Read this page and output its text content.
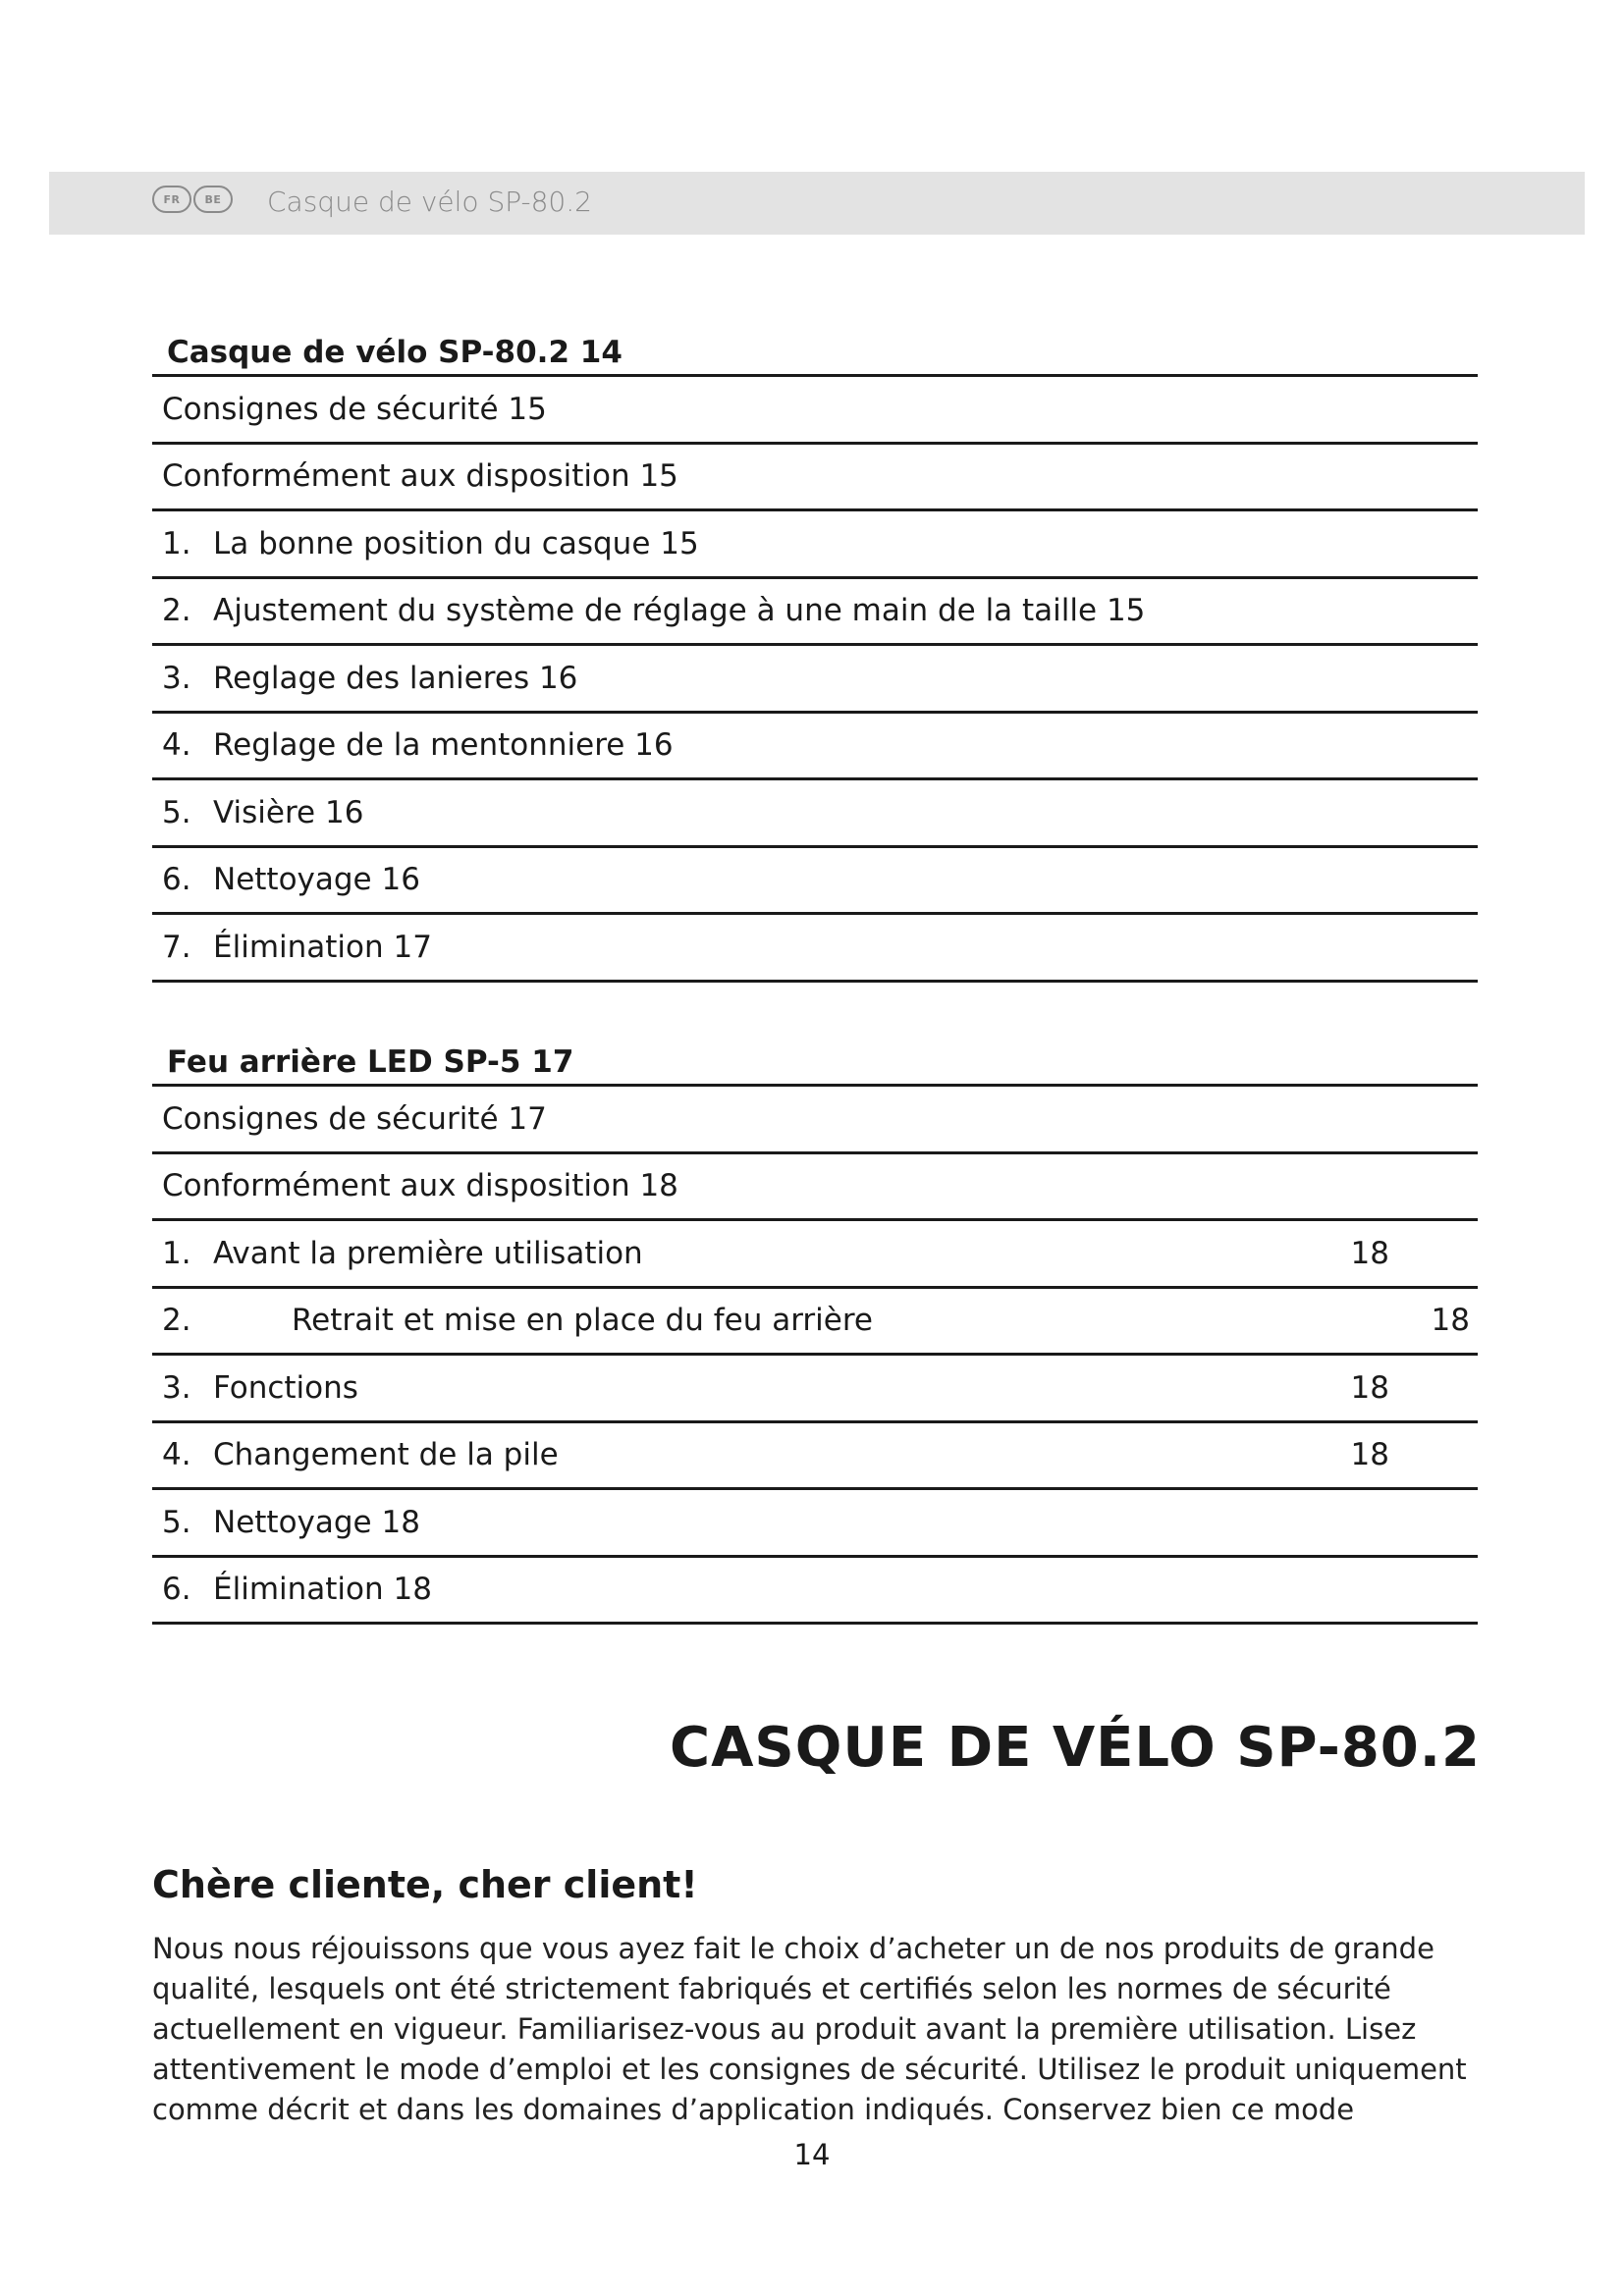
FR	BE	Casque de vélo SP-80.2
Casque de vélo SP-80.2 14
Consignes de sécurité 15
Conformément aux disposition 15
1. La bonne position du casque 15
2. Ajustement du système de réglage à une main de la taille 15
3. Reglage des lanieres 16
4. Reglage de la mentonniere 16
5. Visière 16
6. Nettoyage 16
7. Élimination 17
Feu arrière LED SP-5 17
Consignes de sécurité 17
Conformément aux disposition 18
1. Avant la première utilisation	18
2.	Retrait et mise en place du feu arrière	18
3. Fonctions	18
4. Changement de la pile	18
5. Nettoyage 18
6. Élimination 18
CASQUE DE VÉLO SP-80.2
Chère cliente, cher client!
Nous nous réjouissons que vous ayez fait le choix d’acheter un de nos produits de grande qualité, lesquels ont été strictement fabriqués et certifiés selon les normes de sécurité actuellement en vigueur. Familiarisez-vous au produit avant la première utilisation. Lisez attentivement le mode d’emploi et les consignes de sécurité. Utilisez le produit uniquement comme décrit et dans les domaines d’application indiqués. Conservez bien ce mode
14
